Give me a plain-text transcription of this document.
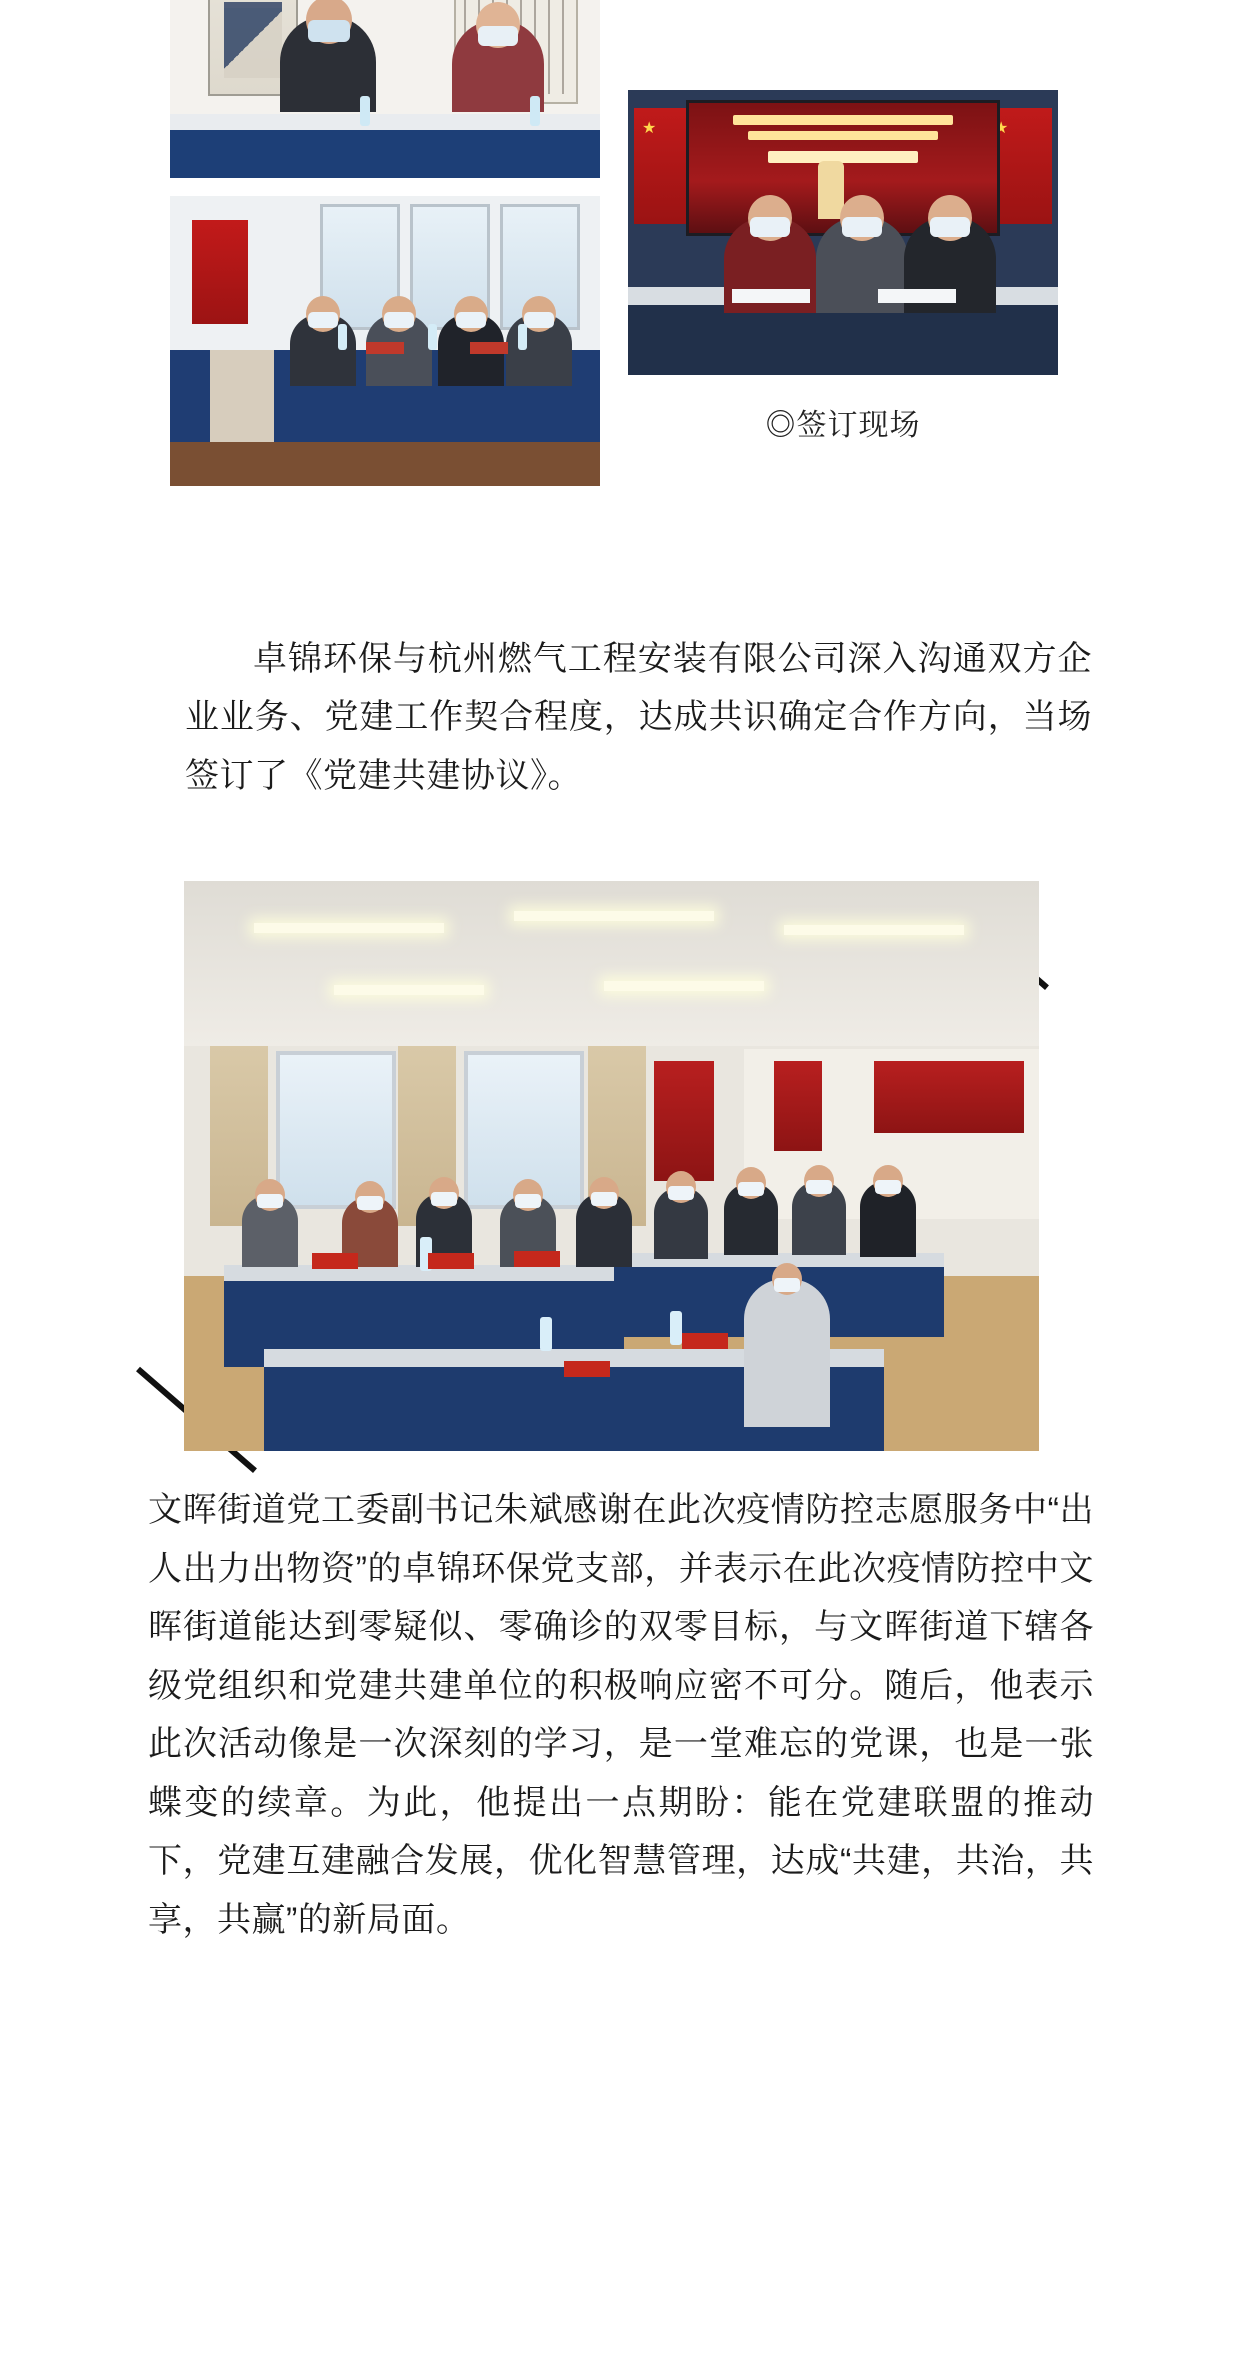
★
★
◎签订现场

卓锦环保与杭州燃气工程安装有限公司深入沟通双方企业业务、党建工作契合程度，达成共识确定合作方向，当场签订了《党建共建协议》。

文晖街道党工委副书记朱斌感谢在此次疫情防控志愿服务中“出人出力出物资”的卓锦环保党支部，并表示在此次疫情防控中文晖街道能达到零疑似、零确诊的双零目标，与文晖街道下辖各级党组织和党建共建单位的积极响应密不可分。随后，他表示此次活动像是一次深刻的学习，是一堂难忘的党课，也是一张蝶变的续章。为此，他提出一点期盼：能在党建联盟的推动下，党建互建融合发展，优化智慧管理，达成“共建，共治，共享，共赢”的新局面。
